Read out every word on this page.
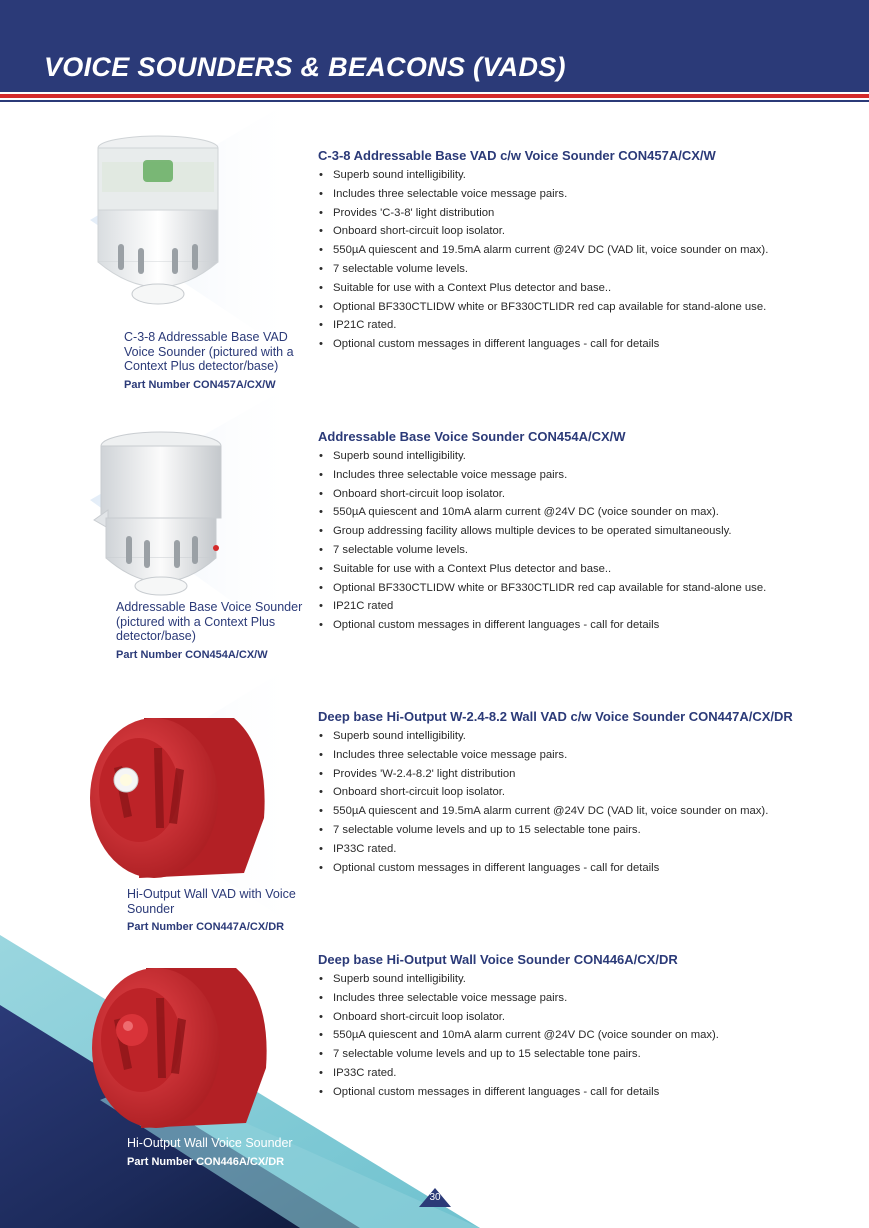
VOICE SOUNDERS & BEACONS (VADS)
C-3-8 Addressable Base VAD Voice Sounder (pictured with a Context Plus detector/base)
Part Number CON457A/CX/W
C-3-8 Addressable Base VAD c/w Voice Sounder CON457A/CX/W
• Superb sound intelligibility.
• Includes three selectable voice message pairs.
• Provides 'C-3-8' light distribution
• Onboard short-circuit loop isolator.
• 550µA quiescent and 19.5mA alarm current @24V DC (VAD lit, voice sounder on max).
• 7 selectable volume levels.
• Suitable for use with a Context Plus detector and base..
• Optional BF330CTLIDW white or BF330CTLIDR red cap available for stand-alone use.
• IP21C rated.
• Optional custom messages in different languages - call for details
Addressable Base Voice Sounder (pictured with a Context Plus detector/base)
Part Number CON454A/CX/W
Addressable Base Voice Sounder CON454A/CX/W
• Superb sound intelligibility.
• Includes three selectable voice message pairs.
• Onboard short-circuit loop isolator.
• 550µA quiescent and 10mA alarm current @24V DC (voice sounder on max).
• Group addressing facility allows multiple devices to be operated simultaneously.
• 7 selectable volume levels.
• Suitable for use with a Context Plus detector and base..
• Optional BF330CTLIDW white or BF330CTLIDR red cap available for stand-alone use.
• IP21C rated
• Optional custom messages in different languages - call for details
Hi-Output Wall VAD with Voice Sounder
Part Number CON447A/CX/DR
Deep base Hi-Output W-2.4-8.2 Wall VAD c/w Voice Sounder CON447A/CX/DR
• Superb sound intelligibility.
• Includes three selectable voice message pairs.
• Provides 'W-2.4-8.2' light distribution
• Onboard short-circuit loop isolator.
• 550µA quiescent and 19.5mA alarm current @24V DC (VAD lit, voice sounder on max).
• 7 selectable volume levels and up to 15 selectable tone pairs.
• IP33C rated.
• Optional custom messages in different languages - call for details
Hi-Output Wall Voice Sounder
Part Number CON446A/CX/DR
Deep base Hi-Output Wall Voice Sounder CON446A/CX/DR
• Superb sound intelligibility.
• Includes three selectable voice message pairs.
• Onboard short-circuit loop isolator.
• 550µA quiescent and 10mA alarm current @24V DC (voice sounder on max).
• 7 selectable volume levels and up to 15 selectable tone pairs.
• IP33C rated.
• Optional custom messages in different languages - call for details
30
